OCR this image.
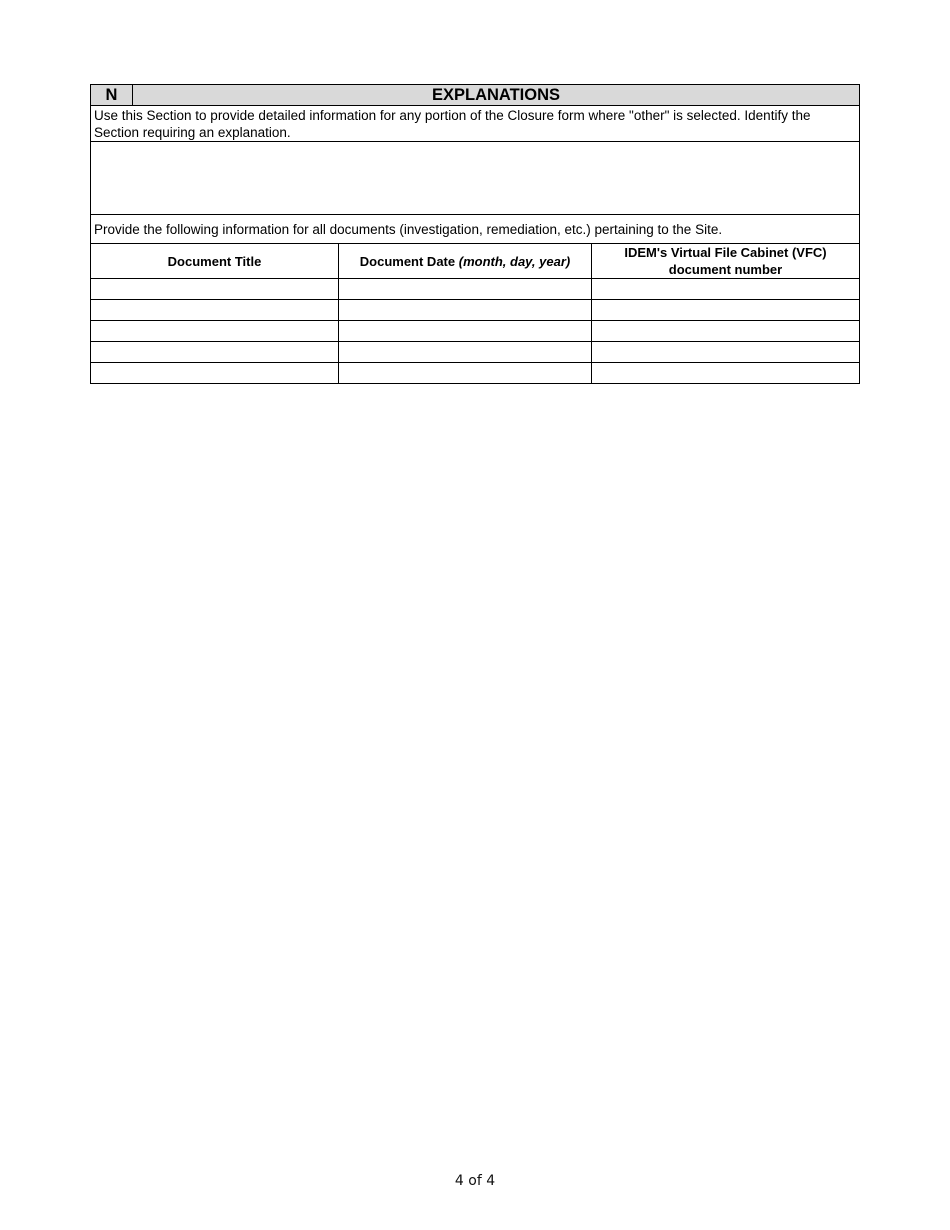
N	EXPLANATIONS		
Use this Section to provide detailed information for any portion of the Closure form where "other" is selected. Identify the Section requiring an explanation.			

Provide the following information for all documents (investigation, remediation, etc.) pertaining to the Site.			
Document Title		Document Date (month, day, year)	IDEM's Virtual File Cabinet (VFC) document number

4 of 4
